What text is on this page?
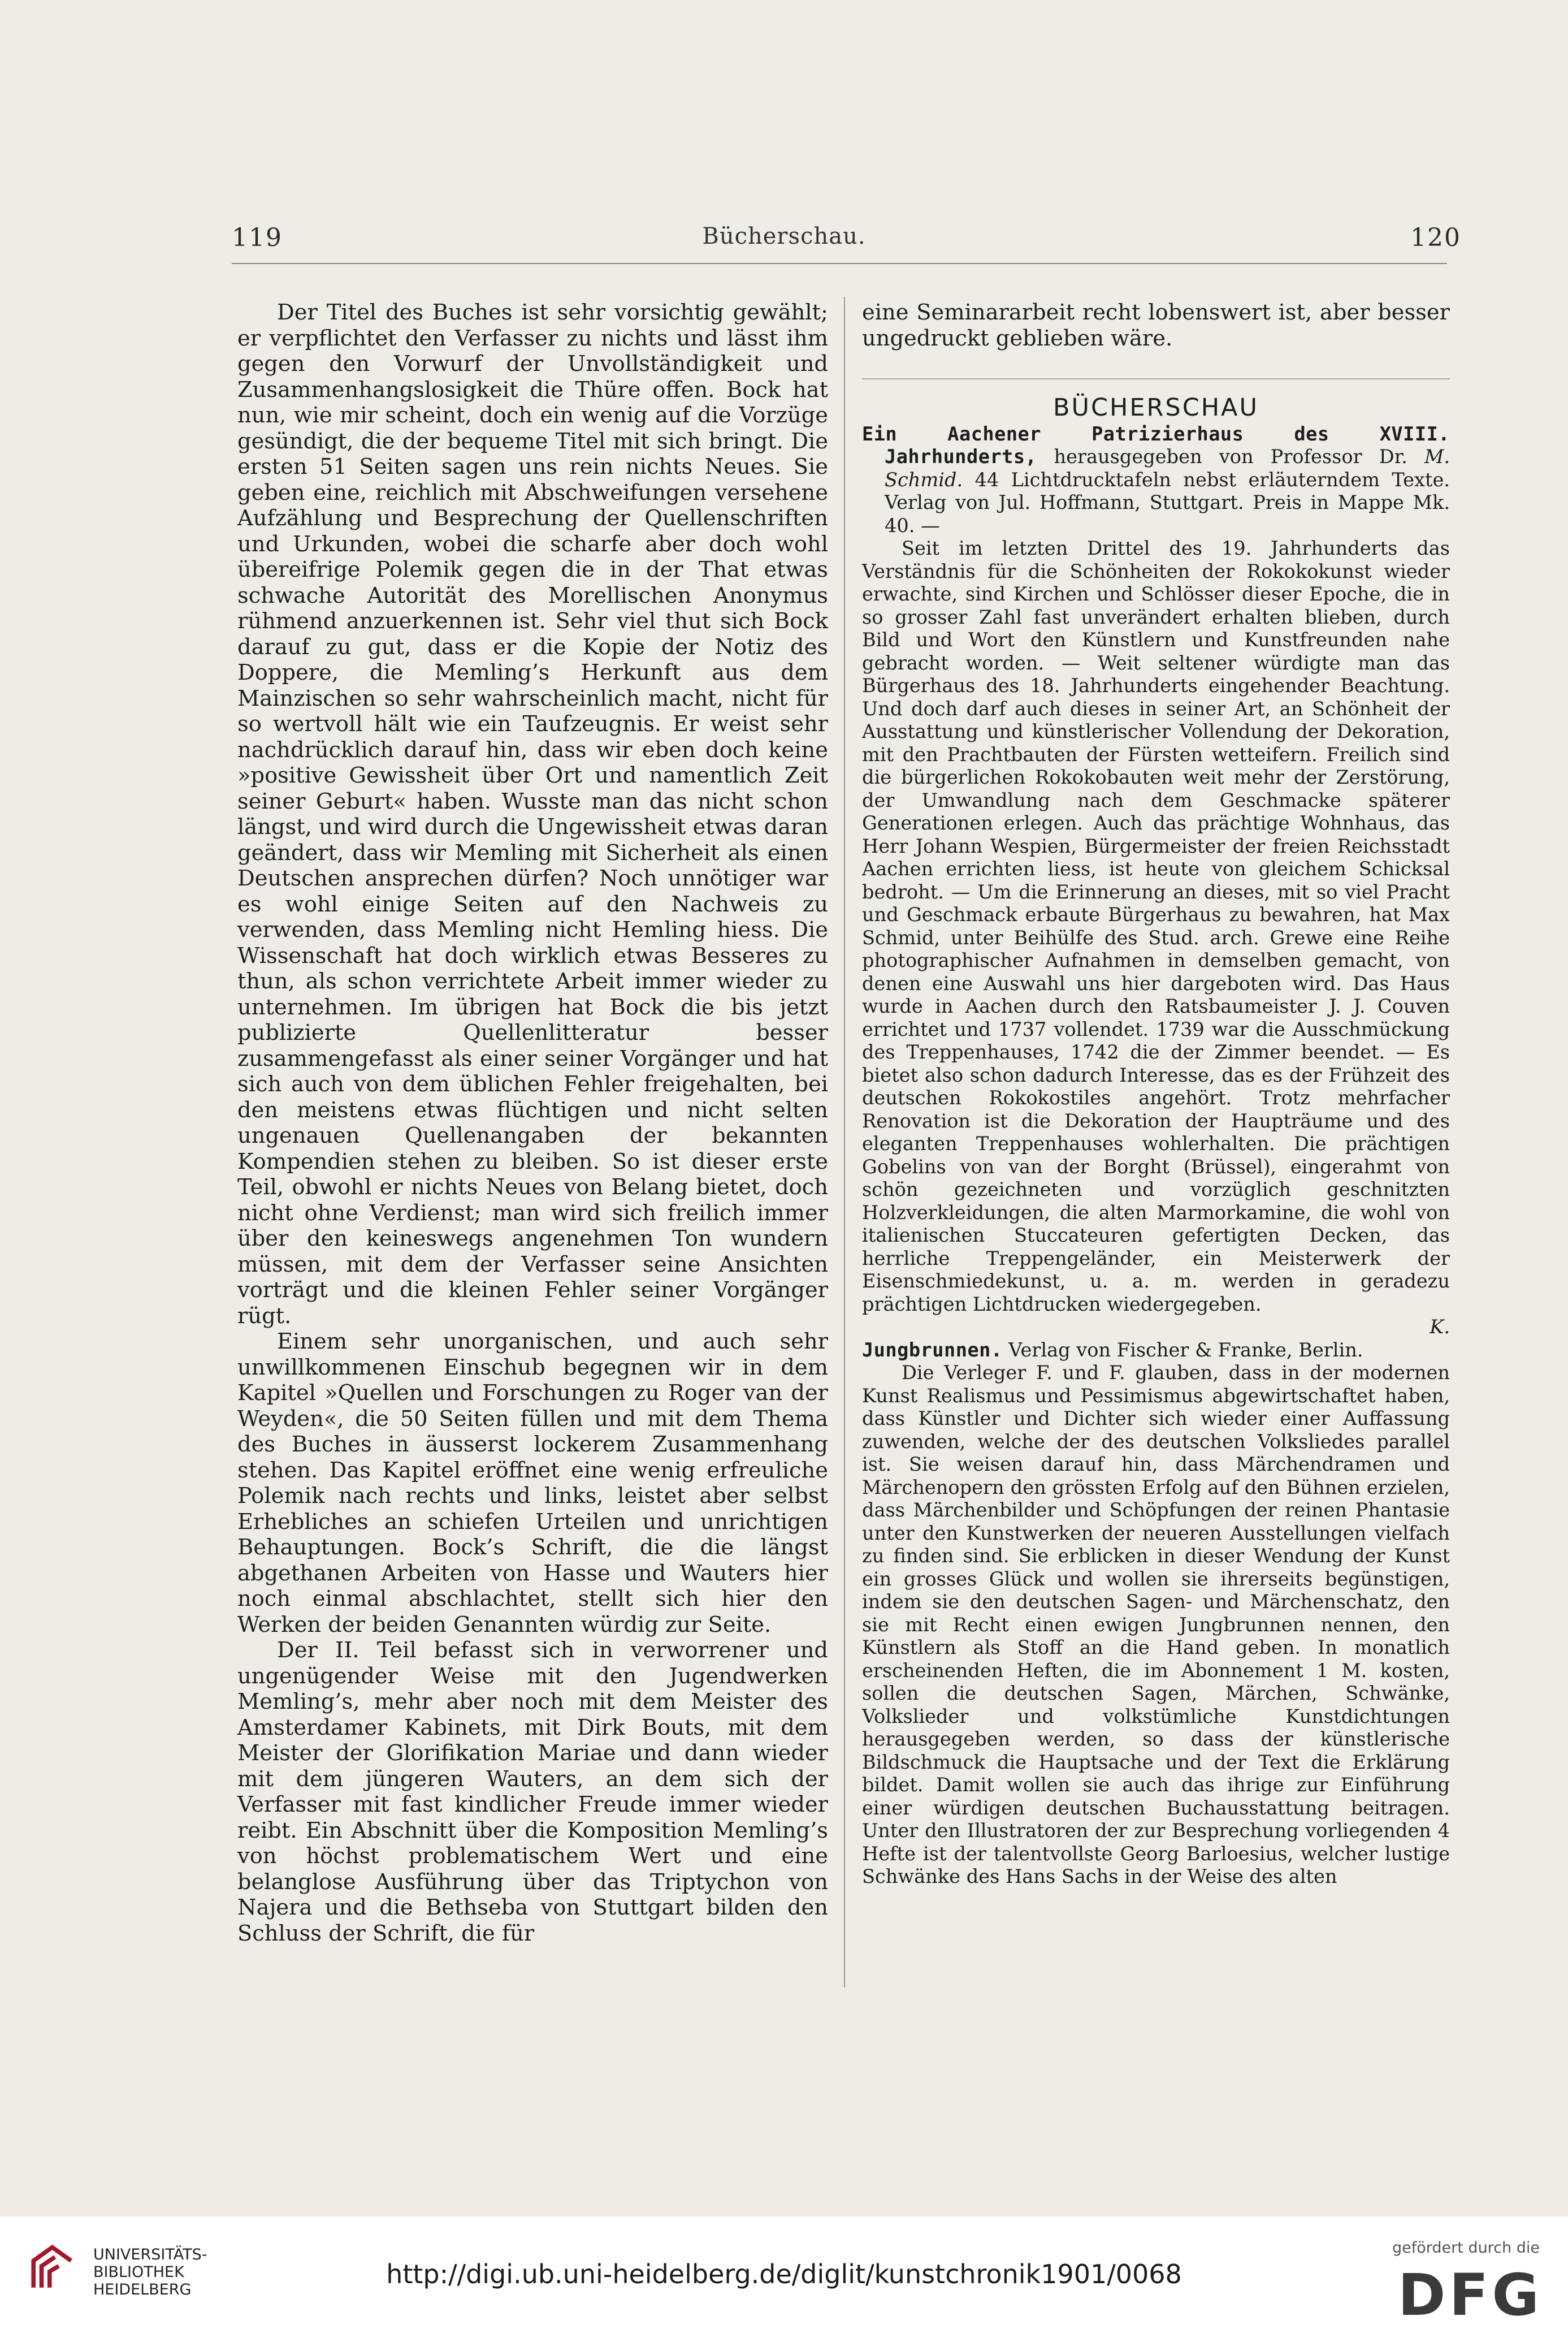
119	Bücherschau.	120

Der Titel des Buches ist sehr vorsichtig gewählt; er verpflichtet den Verfasser zu nichts und lässt ihm gegen den Vorwurf der Unvollständigkeit und Zusammenhangslosigkeit die Thüre offen. Bock hat nun, wie mir scheint, doch ein wenig auf die Vorzüge gesündigt, die der bequeme Titel mit sich bringt. Die ersten 51 Seiten sagen uns rein nichts Neues. Sie geben eine, reichlich mit Abschweifungen versehene Aufzählung und Besprechung der Quellenschriften und Urkunden, wobei die scharfe aber doch wohl übereifrige Polemik gegen die in der That etwas schwache Autorität des Morellischen Anonymus rühmend anzuerkennen ist. Sehr viel thut sich Bock darauf zu gut, dass er die Kopie der Notiz des Doppere, die Memling’s Herkunft aus dem Mainzischen so sehr wahrscheinlich macht, nicht für so wertvoll hält wie ein Taufzeugnis. Er weist sehr nachdrücklich darauf hin, dass wir eben doch keine »positive Gewissheit über Ort und namentlich Zeit seiner Geburt« haben. Wusste man das nicht schon längst, und wird durch die Ungewissheit etwas daran geändert, dass wir Memling mit Sicherheit als einen Deutschen ansprechen dürfen? Noch unnötiger war es wohl einige Seiten auf den Nachweis zu verwenden, dass Memling nicht Hemling hiess. Die Wissenschaft hat doch wirklich etwas Besseres zu thun, als schon verrichtete Arbeit immer wieder zu unternehmen. Im übrigen hat Bock die bis jetzt publizierte Quellenlitteratur besser zusammengefasst als einer seiner Vorgänger und hat sich auch von dem üblichen Fehler freigehalten, bei den meistens etwas flüchtigen und nicht selten ungenauen Quellenangaben der bekannten Kompendien stehen zu bleiben. So ist dieser erste Teil, obwohl er nichts Neues von Belang bietet, doch nicht ohne Verdienst; man wird sich freilich immer über den keineswegs angenehmen Ton wundern müssen, mit dem der Verfasser seine Ansichten vorträgt und die kleinen Fehler seiner Vorgänger rügt.

Einem sehr unorganischen, und auch sehr unwillkommenen Einschub begegnen wir in dem Kapitel »Quellen und Forschungen zu Roger van der Weyden«, die 50 Seiten füllen und mit dem Thema des Buches in äusserst lockerem Zusammenhang stehen. Das Kapitel eröffnet eine wenig erfreuliche Polemik nach rechts und links, leistet aber selbst Erhebliches an schiefen Urteilen und unrichtigen Behauptungen. Bock’s Schrift, die die längst abgethanen Arbeiten von Hasse und Wauters hier noch einmal abschlachtet, stellt sich hier den Werken der beiden Genannten würdig zur Seite.

Der II. Teil befasst sich in verworrener und ungenügender Weise mit den Jugendwerken Memling’s, mehr aber noch mit dem Meister des Amsterdamer Kabinets, mit Dirk Bouts, mit dem Meister der Glorifikation Mariae und dann wieder mit dem jüngeren Wauters, an dem sich der Verfasser mit fast kindlicher Freude immer wieder reibt. Ein Abschnitt über die Komposition Memling’s von höchst problematischem Wert und eine belanglose Ausführung über das Triptychon von Najera und die Bethseba von Stuttgart bilden den Schluss der Schrift, die für

eine Seminararbeit recht lobenswert ist, aber besser ungedruckt geblieben wäre.

BÜCHERSCHAU

Ein Aachener Patrizierhaus des XVIII. Jahrhunderts, herausgegeben von Professor Dr. M. Schmid. 44 Lichtdrucktafeln nebst erläuterndem Texte. Verlag von Jul. Hoffmann, Stuttgart. Preis in Mappe Mk. 40. —

Seit im letzten Drittel des 19. Jahrhunderts das Verständnis für die Schönheiten der Rokokokunst wieder erwachte, sind Kirchen und Schlösser dieser Epoche, die in so grosser Zahl fast unverändert erhalten blieben, durch Bild und Wort den Künstlern und Kunstfreunden nahe gebracht worden. — Weit seltener würdigte man das Bürgerhaus des 18. Jahrhunderts eingehender Beachtung. Und doch darf auch dieses in seiner Art, an Schönheit der Ausstattung und künstlerischer Vollendung der Dekoration, mit den Prachtbauten der Fürsten wetteifern. Freilich sind die bürgerlichen Rokokobauten weit mehr der Zerstörung, der Umwandlung nach dem Geschmacke späterer Generationen erlegen. Auch das prächtige Wohnhaus, das Herr Johann Wespien, Bürgermeister der freien Reichsstadt Aachen errichten liess, ist heute von gleichem Schicksal bedroht. — Um die Erinnerung an dieses, mit so viel Pracht und Geschmack erbaute Bürgerhaus zu bewahren, hat Max Schmid, unter Beihülfe des Stud. arch. Grewe eine Reihe photographischer Aufnahmen in demselben gemacht, von denen eine Auswahl uns hier dargeboten wird. Das Haus wurde in Aachen durch den Ratsbaumeister J. J. Couven errichtet und 1737 vollendet. 1739 war die Ausschmückung des Treppenhauses, 1742 die der Zimmer beendet. — Es bietet also schon dadurch Interesse, das es der Frühzeit des deutschen Rokokostiles angehört. Trotz mehrfacher Renovation ist die Dekoration der Haupträume und des eleganten Treppenhauses wohlerhalten. Die prächtigen Gobelins von van der Borght (Brüssel), eingerahmt von schön gezeichneten und vorzüglich geschnitzten Holzverkleidungen, die alten Marmorkamine, die wohl von italienischen Stuccateuren gefertigten Decken, das herrliche Treppengeländer, ein Meisterwerk der Eisenschmiedekunst, u. a. m. werden in geradezu prächtigen Lichtdrucken wiedergegeben.

K.

Jungbrunnen. Verlag von Fischer & Franke, Berlin.

Die Verleger F. und F. glauben, dass in der modernen Kunst Realismus und Pessimismus abgewirtschaftet haben, dass Künstler und Dichter sich wieder einer Auffassung zuwenden, welche der des deutschen Volksliedes parallel ist. Sie weisen darauf hin, dass Märchendramen und Märchenopern den grössten Erfolg auf den Bühnen erzielen, dass Märchenbilder und Schöpfungen der reinen Phantasie unter den Kunstwerken der neueren Ausstellungen vielfach zu finden sind. Sie erblicken in dieser Wendung der Kunst ein grosses Glück und wollen sie ihrerseits begünstigen, indem sie den deutschen Sagen- und Märchenschatz, den sie mit Recht einen ewigen Jungbrunnen nennen, den Künstlern als Stoff an die Hand geben. In monatlich erscheinenden Heften, die im Abonnement 1 M. kosten, sollen die deutschen Sagen, Märchen, Schwänke, Volkslieder und volkstümliche Kunstdichtungen herausgegeben werden, so dass der künstlerische Bildschmuck die Hauptsache und der Text die Erklärung bildet. Damit wollen sie auch das ihrige zur Einführung einer würdigen deutschen Buchausstattung beitragen. Unter den Illustratoren der zur Besprechung vorliegenden 4 Hefte ist der talentvollste Georg Barloesius, welcher lustige Schwänke des Hans Sachs in der Weise des alten

UNIVERSITÄTS-
BIBLIOTHEK
HEIDELBERG
http://digi.ub.uni-heidelberg.de/diglit/kunstchronik1901/0068
gefördert durch die
DFG
